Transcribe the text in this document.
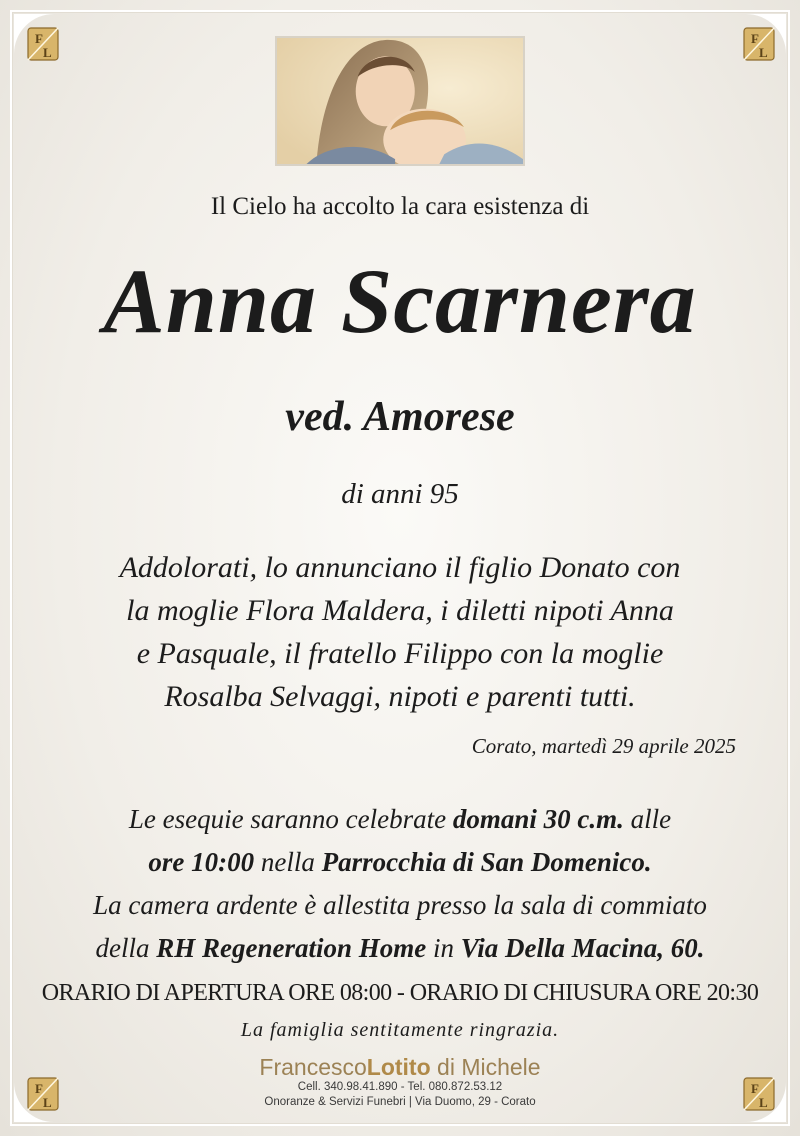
F
L
F
L
F
L
F
L
Il Cielo ha accolto la cara esistenza di
Anna Scarnera
ved. Amorese
di anni 95
Addolorati, lo annunciano il figlio Donato con
la moglie Flora Maldera, i diletti nipoti Anna
e Pasquale, il fratello Filippo con la moglie
Rosalba Selvaggi, nipoti e parenti tutti.
Corato, martedì 29 aprile 2025
Le esequie saranno celebrate domani 30 c.m. alle
ore 10:00 nella Parrocchia di San Domenico.
La camera ardente è allestita presso la sala di commiato
della RH Regeneration Home in Via Della Macina, 60.
ORARIO DI APERTURA ORE 08:00 - ORARIO DI CHIUSURA ORE 20:30
La famiglia sentitamente ringrazia.
FrancescoLotito di Michele
Cell. 340.98.41.890 - Tel. 080.872.53.12
Onoranze & Servizi Funebri | Via Duomo, 29 - Corato
